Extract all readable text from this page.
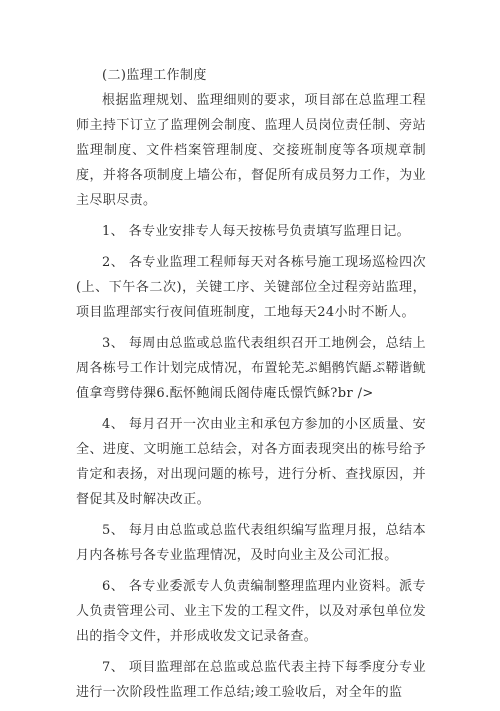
(二)监理工作制度

根据监理规划、监理细则的要求，项目部在总监理工程师主持下订立了监理例会制度、监理人员岗位责任制、旁站监理制度、文件档案管理制度、交接班制度等各项规章制度，并将各项制度上墙公布，督促所有成员努力工作，为业主尽职尽责。

1、 各专业安排专人每天按栋号负责填写监理日记。

2、 各专业监理工程师每天对各栋号施工现场巡检四次(上、下午各二次)，关键工序、关键部位全过程旁站监理，项目监理部实行夜间值班制度，工地每天24小时不断人。

3、 每周由总监或总监代表组织召开工地例会，总结上周各栋号工作计划完成情况，布置轮芜ぷ鲳鹘饩龉ぷ鞯谐鱿值拿弯劈侍猓6.酝怀鲍闹氐阁侍庵氐憬饩稣?br />

4、 每月召开一次由业主和承包方参加的小区质量、安全、进度、文明施工总结会，对各方面表现突出的栋号给予肯定和表扬，对出现问题的栋号，进行分析、查找原因，并督促其及时解决改正。

5、 每月由总监或总监代表组织编写监理月报，总结本月内各栋号各专业监理情况，及时向业主及公司汇报。

6、 各专业委派专人负责编制整理监理内业资料。派专人负责管理公司、业主下发的工程文件，以及对承包单位发出的指令文件，并形成收发文记录备查。

7、 项目监理部在总监或总监代表主持下每季度分专业进行一次阶段性监理工作总结;竣工验收后，对全年的监
